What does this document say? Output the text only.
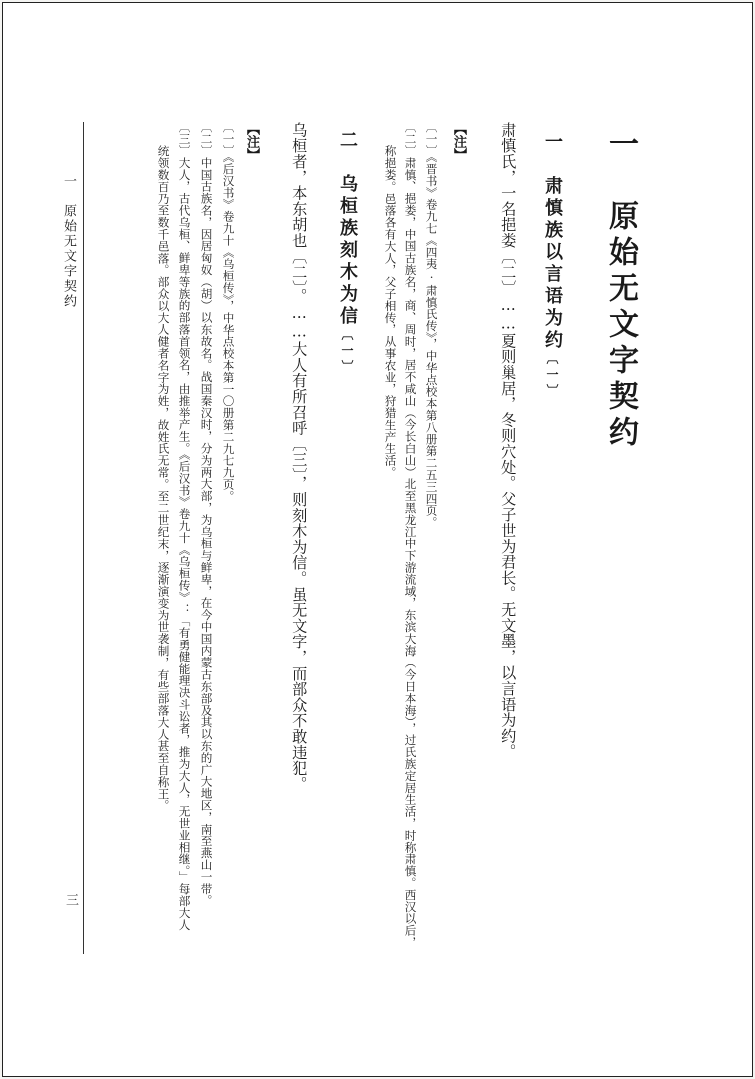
一　原始无文字契约
一　肃慎族以言语为约〔一〕
肃慎氏，一名挹娄〔二〕……夏则巢居，冬则穴处。父子世为君长。无文墨，以言语为约。
【注】
〔一〕《晋书》卷九七《四夷·肃慎氏传》，中华点校本第八册第二五三四页。
〔二〕肃慎、挹娄，中国古族名，商、周时，居不咸山（今长白山）北至黑龙江中下游流域，东滨大海（今日本海），过氏族定居生活，时称肃慎。西汉以后，
称挹娄。邑落各有大人，父子相传，从事农业，狩猎生产生活。
二　乌桓族刻木为信〔一〕
乌桓者，本东胡也〔二〕。……大人有所召呼〔三〕，则刻木为信。虽无文字，而部众不敢违犯。
【注】
〔一〕《后汉书》卷九十《乌桓传》，中华点校本第一〇册第二九七九页。
〔二〕中国古族名，因居匈奴（胡）以东故名。战国秦汉时，分为两大部，为乌桓与鲜卑，在今中国内蒙古东部及其以东的广大地区，南至燕山一带。
〔三〕大人，古代乌桓、鲜卑等族的部落首领名，由推举产生。《后汉书》卷九十《乌桓传》：「有勇健能理决斗讼者，推为大人，无世业相继。」每部大人
统领数百乃至数千邑落。部众以大人健者名字为姓，故姓氏无常。至二世纪末，逐渐演变为世袭制，有些部落大人甚至自称王。
一　原始无文字契约
三
